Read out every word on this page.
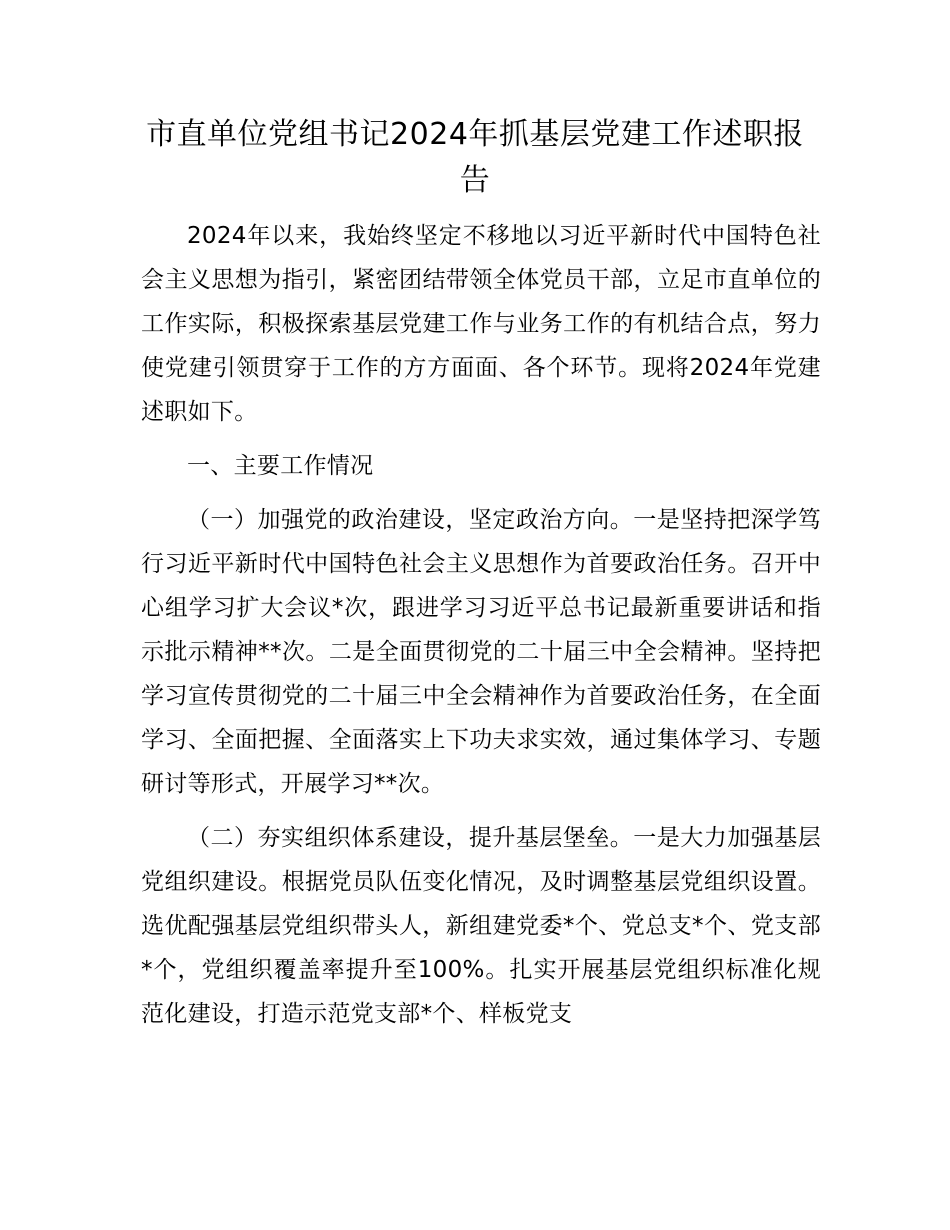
市直单位党组书记2024年抓基层党建工作述职报告

2024年以来，我始终坚定不移地以习近平新时代中国特色社会主义思想为指引，紧密团结带领全体党员干部，立足市直单位的工作实际，积极探索基层党建工作与业务工作的有机结合点，努力使党建引领贯穿于工作的方方面面、各个环节。现将2024年党建述职如下。

一、主要工作情况

（一）加强党的政治建设，坚定政治方向。一是坚持把深学笃行习近平新时代中国特色社会主义思想作为首要政治任务。召开中心组学习扩大会议*次，跟进学习习近平总书记最新重要讲话和指示批示精神**次。二是全面贯彻党的二十届三中全会精神。坚持把学习宣传贯彻党的二十届三中全会精神作为首要政治任务，在全面学习、全面把握、全面落实上下功夫求实效，通过集体学习、专题研讨等形式，开展学习**次。

（二）夯实组织体系建设，提升基层堡垒。一是大力加强基层党组织建设。根据党员队伍变化情况，及时调整基层党组织设置。选优配强基层党组织带头人，新组建党委*个、党总支*个、党支部*个，党组织覆盖率提升至100%。扎实开展基层党组织标准化规范化建设，打造示范党支部*个、样板党支
